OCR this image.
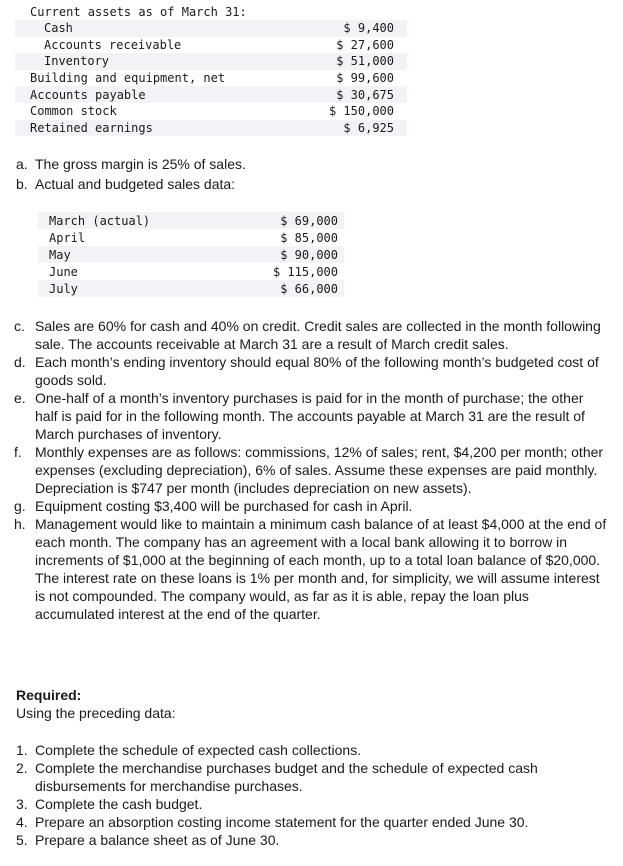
Current assets as of March 31:
Cash	$ 9,400
Accounts receivable	$ 27,600
Inventory	$ 51,000
Building and equipment, net	$ 99,600
Accounts payable	$ 30,675
Common stock	$ 150,000
Retained earnings	$ 6,925
a. The gross margin is 25% of sales.
b. Actual and budgeted sales data:
March (actual)	$ 69,000
April	$ 85,000
May	$ 90,000
June	$ 115,000
July	$ 66,000
c. Sales are 60% for cash and 40% on credit. Credit sales are collected in the month following sale. The accounts receivable at March 31 are a result of March credit sales.
d. Each month’s ending inventory should equal 80% of the following month’s budgeted cost of goods sold.
e. One-half of a month’s inventory purchases is paid for in the month of purchase; the other half is paid for in the following month. The accounts payable at March 31 are the result of March purchases of inventory.
f. Monthly expenses are as follows: commissions, 12% of sales; rent, $4,200 per month; other expenses (excluding depreciation), 6% of sales. Assume these expenses are paid monthly. Depreciation is $747 per month (includes depreciation on new assets).
g. Equipment costing $3,400 will be purchased for cash in April.
h. Management would like to maintain a minimum cash balance of at least $4,000 at the end of each month. The company has an agreement with a local bank allowing it to borrow in increments of $1,000 at the beginning of each month, up to a total loan balance of $20,000. The interest rate on these loans is 1% per month and, for simplicity, we will assume interest is not compounded. The company would, as far as it is able, repay the loan plus accumulated interest at the end of the quarter.
Required:
Using the preceding data:
1. Complete the schedule of expected cash collections.
2. Complete the merchandise purchases budget and the schedule of expected cash disbursements for merchandise purchases.
3. Complete the cash budget.
4. Prepare an absorption costing income statement for the quarter ended June 30.
5. Prepare a balance sheet as of June 30.
